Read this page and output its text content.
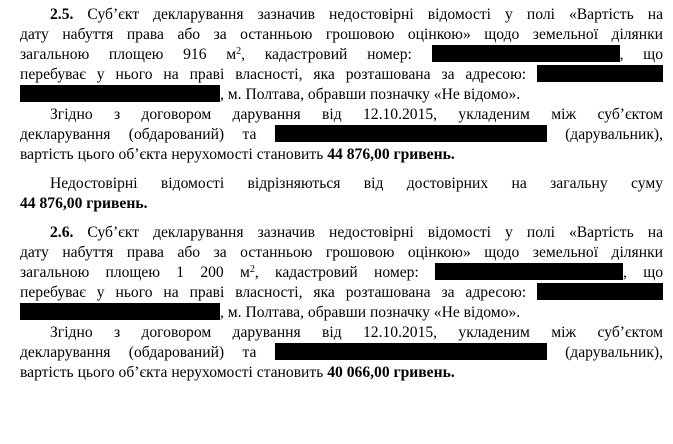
2.5. Суб’єкт декларування зазначив недостовірні відомості у полі «Вартість на
дату набуття права або за останньою грошовою оцінкою» щодо земельної ділянки
загальною площею 916 $м^2$, кадастровий номер:	, що
перебуває у нього на праві власності, яка розташована за адресою:
, м. Полтава, обравши позначку «Не відомо».
Згідно з договором дарування від 12.10.2015, укладеним між суб’єктом
декларування (обдарований) та	(дарувальник),
вартість цього об’єкта нерухомості становить 44 876,00 гривень.
Недостовірні відомості відрізняються від достовірних на загальну суму
44 876,00 гривень.
2.6. Суб’єкт декларування зазначив недостовірні відомості у полі «Вартість на
дату набуття права або за останньою грошовою оцінкою» щодо земельної ділянки
загальною площею 1 200 $м^2$, кадастровий номер:	, що
перебуває у нього на праві власності, яка розташована за адресою:
, м. Полтава, обравши позначку «Не відомо».
Згідно з договором дарування від 12.10.2015, укладеним між суб’єктом
декларування (обдарований) та	(дарувальник),
вартість цього об’єкта нерухомості становить 40 066,00 гривень.
